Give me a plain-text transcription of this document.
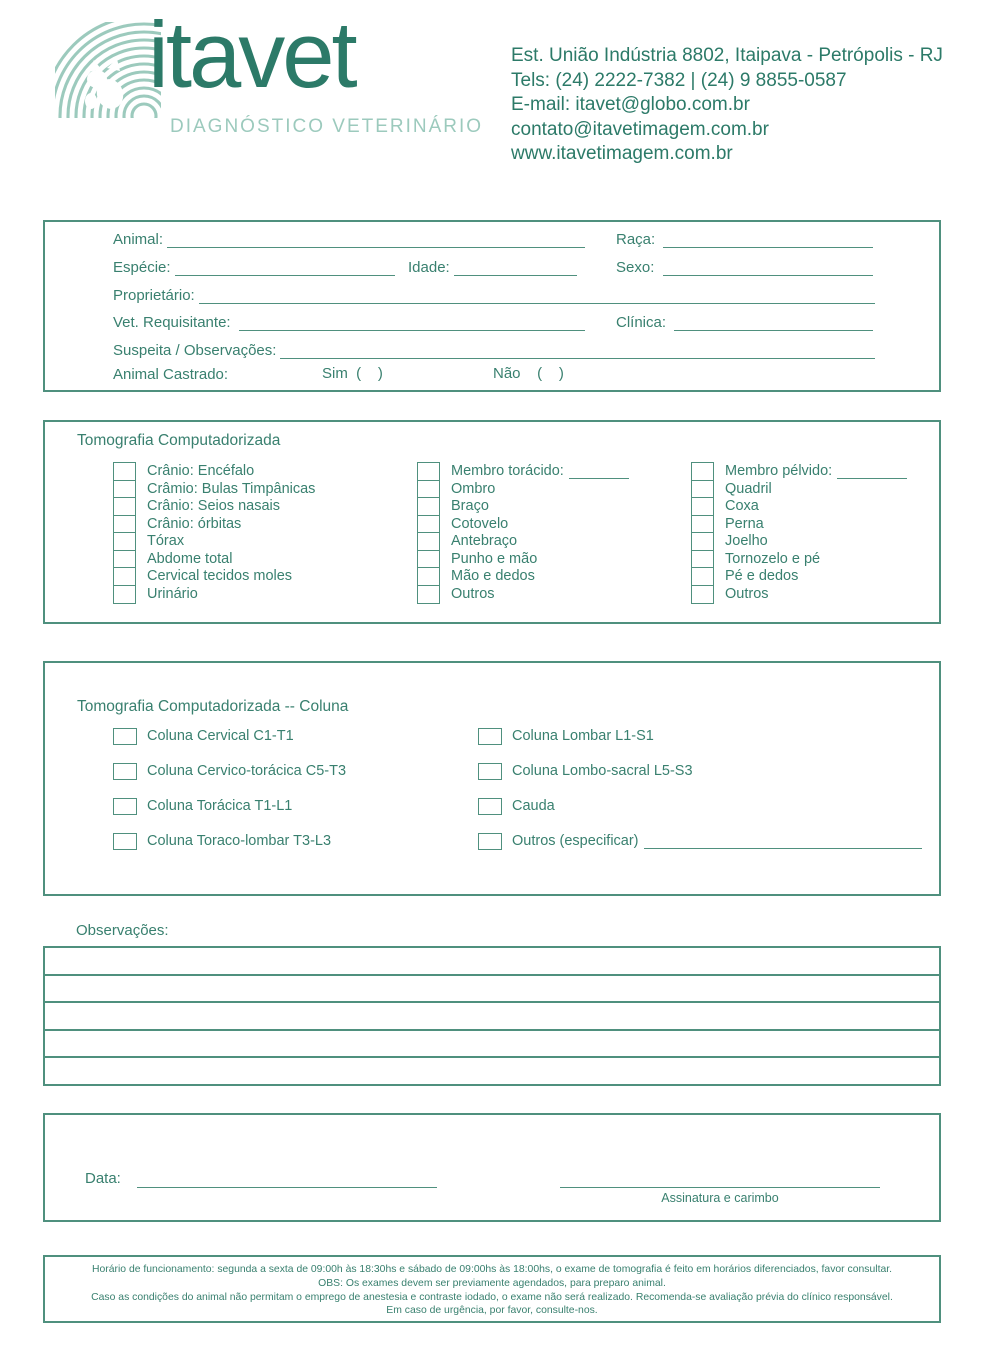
itavet
DIAGNÓSTICO VETERINÁRIO
Est. União Indústria 8802, Itaipava - Petrópolis - RJ
Tels: (24) 2222-7382 | (24) 9 8855-0587
E-mail: itavet@globo.com.br
contato@itavetimagem.com.br
www.itavetimagem.com.br
Animal:	Raça:
Espécie:	Idade:	Sexo:
Proprietário:
Vet. Requisitante:	Clínica:
Suspeita / Observações:
Animal Castrado:	Sim  (    )	Não    (    )
Tomografia Computadorizada
Crânio: Encéfalo
Crâmio: Bulas Timpânicas
Crânio: Seios nasais
Crânio: órbitas
Tórax
Abdome total
Cervical tecidos moles
Urinário
Membro torácido:
Ombro
Braço
Cotovelo
Antebraço
Punho e mão
Mão e dedos
Outros
Membro pélvido:
Quadril
Coxa
Perna
Joelho
Tornozelo e pé
Pé e dedos
Outros
Tomografia Computadorizada -- Coluna
Coluna Cervical C1-T1
Coluna Cervico-torácica C5-T3
Coluna Torácica T1-L1
Coluna Toraco-lombar T3-L3
Coluna Lombar L1-S1
Coluna Lombo-sacral L5-S3
Cauda
Outros (especificar)
Observações:
Data:
Assinatura e carimbo
Horário de funcionamento: segunda a sexta de 09:00h às 18:30hs e sábado de 09:00hs às 18:00hs, o exame de tomografia é feito em horários diferenciados, favor consultar.
OBS: Os exames devem ser previamente agendados, para preparo animal.
Caso as condições do animal não permitam o emprego de anestesia e contraste iodado, o exame não será realizado. Recomenda-se avaliação prévia do clínico responsável.
Em caso de urgência, por favor, consulte-nos.
